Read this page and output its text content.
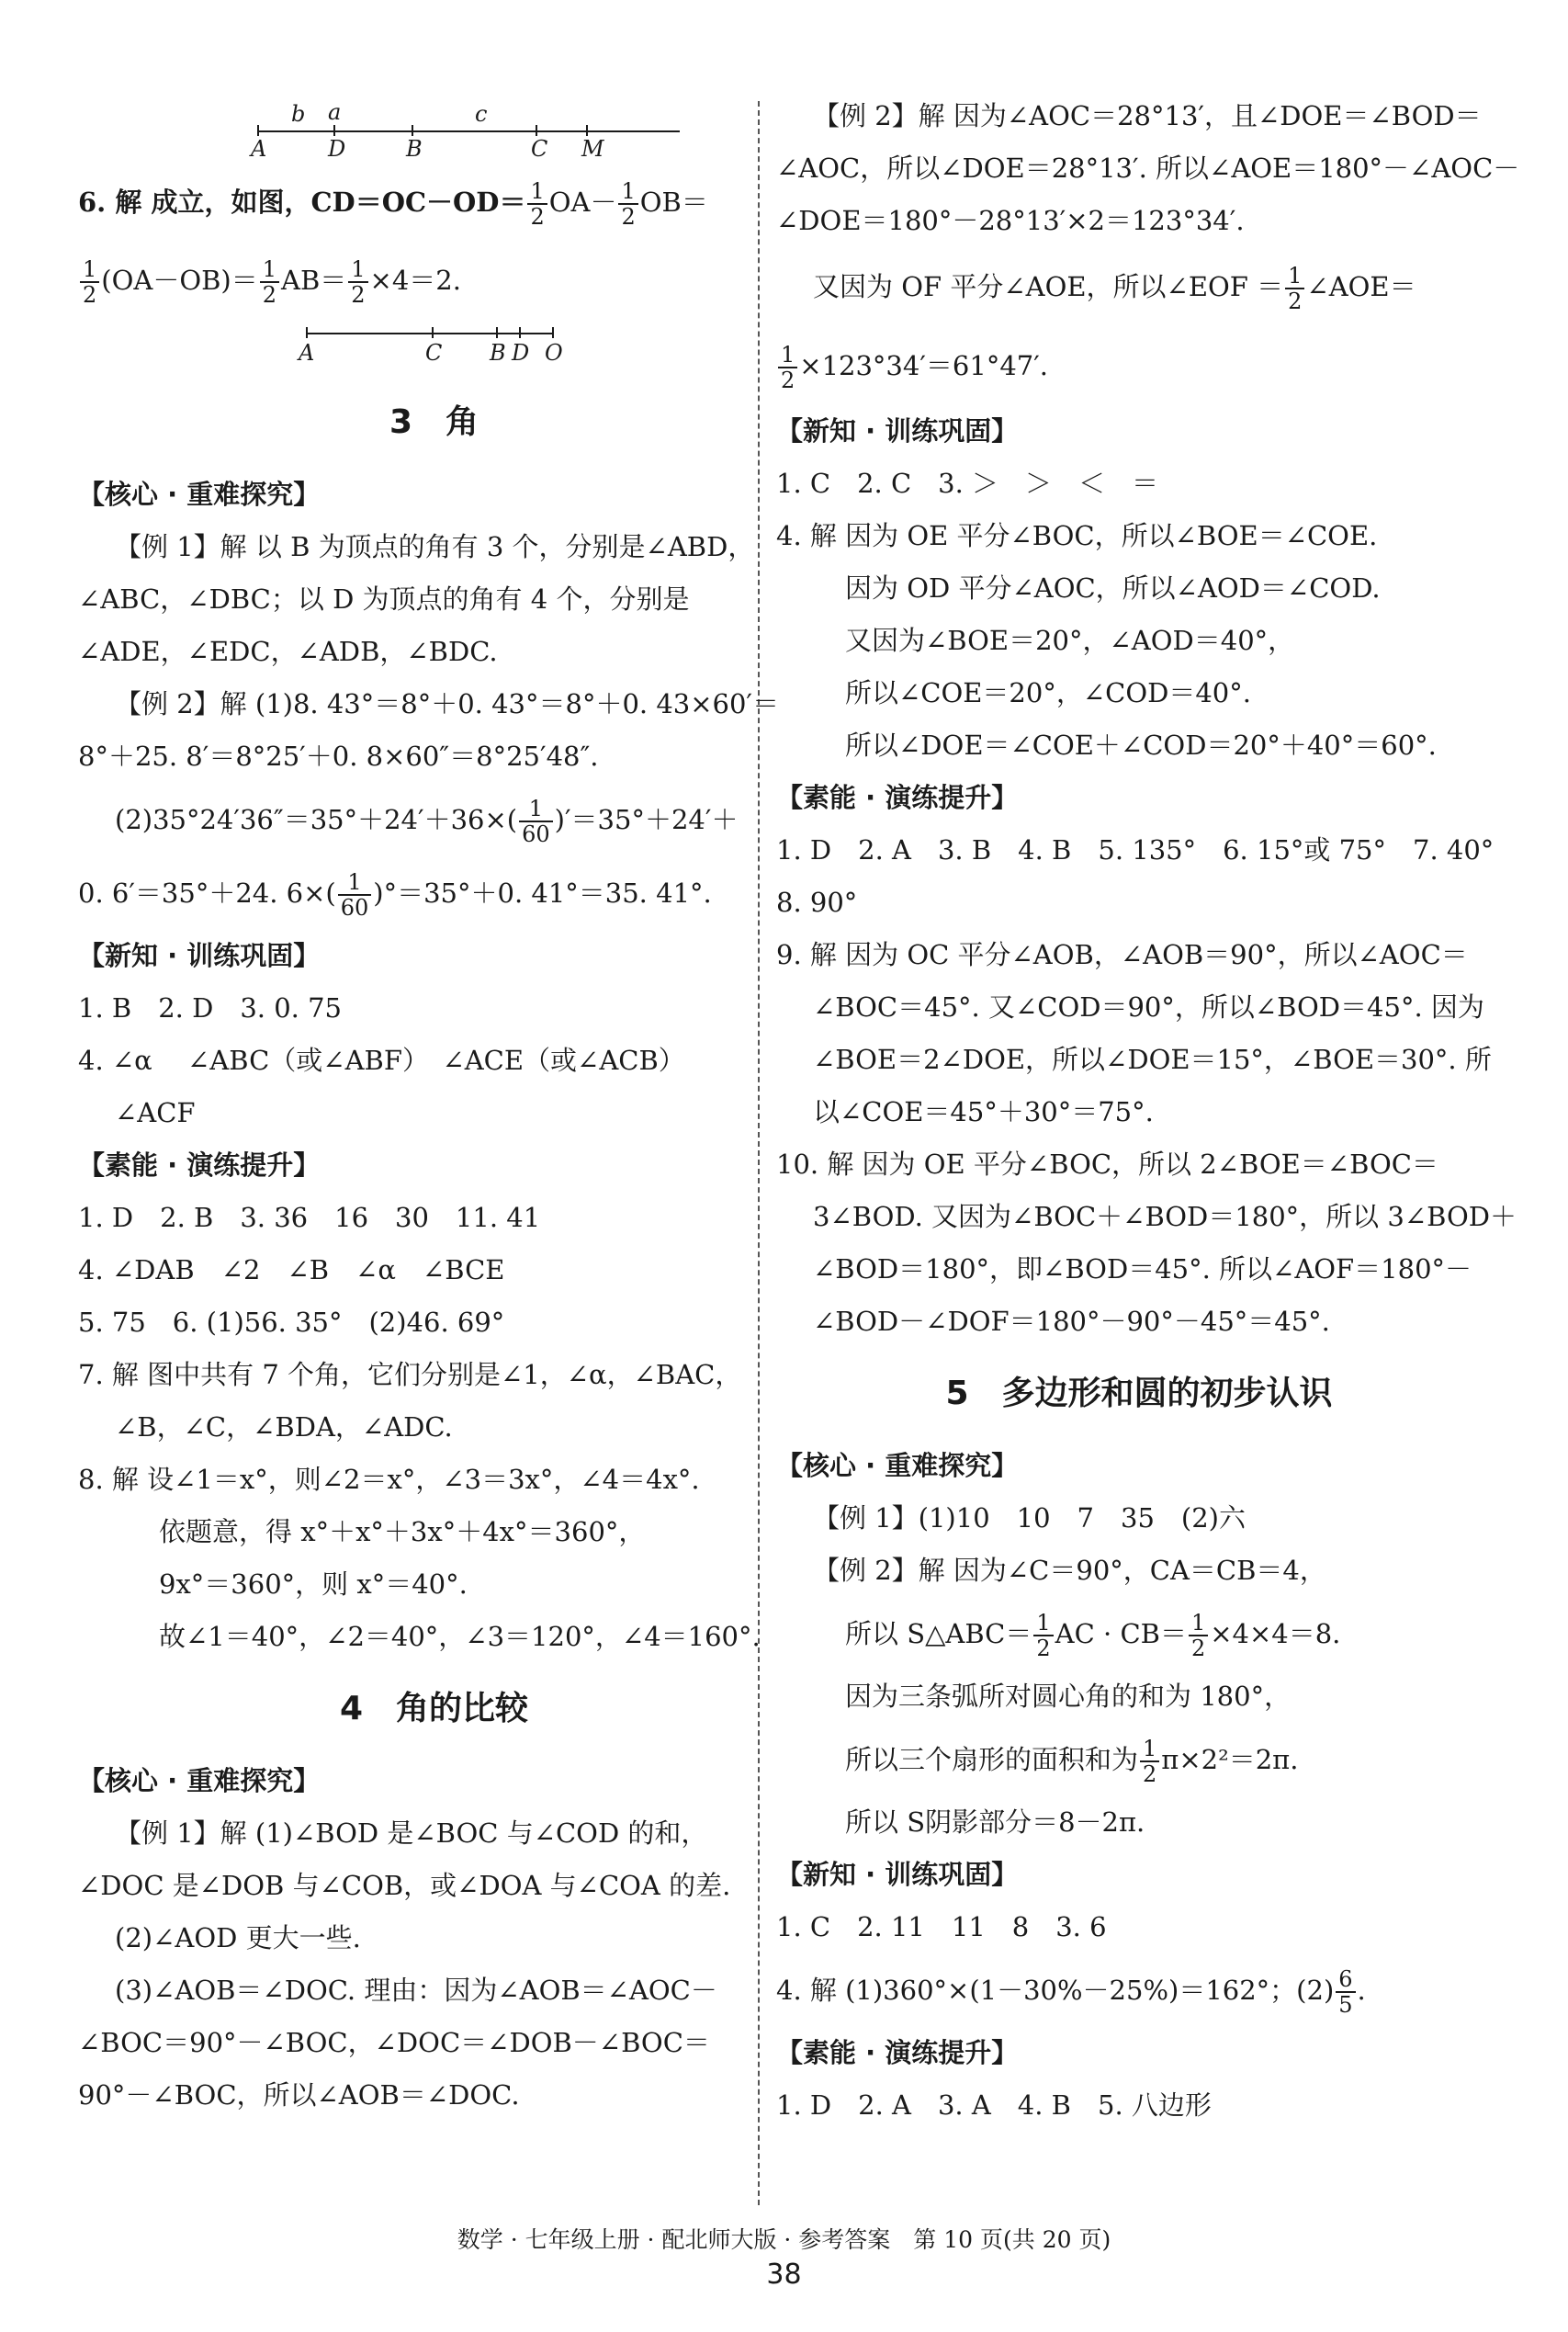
b a	c
A	D	B	C M
6. 解 成立，如图，$CD=OC-OD= \frac{1}{2} OA- \frac{1}{2} OB=$
$\frac{1}{2} (OA-OB)= \frac{1}{2} AB= \frac{1}{2} \times 4=2$.
A	C B D O
3　角
【核心 · 重难探究】
【例 1】解 以 B 为顶点的角有 3 个，分别是∠ABD，
∠ABC，∠DBC；以 D 为顶点的角有 4 个，分别是
∠ADE，∠EDC，∠ADB，∠BDC.
【例 2】解 (1)8. 43°＝8°＋0. 43°＝8°＋0. 43×60′＝
8°＋25. 8′＝8°25′＋0. 8×60″＝8°25′48″.
$(2)35^\circ 24'36''=35^\circ+24'+36\times( \frac{1}{60} )'=35^\circ+24'+$
0. 6′＝35°＋24. $6\times( \frac{1}{60} )^\circ=35^\circ+0$. 41°＝35. 41°.
【新知 · 训练巩固】
1. B　2. D　3. 0. 75
4. ∠α　 ∠ABC（或∠ABF）　∠ACE（或∠ACB）
∠ACF
【素能 · 演练提升】
1. D　2. B　3. 36　16　30　11. 41
4. ∠DAB　∠2　∠B　∠α　∠BCE
5. 75　6. (1)56. 35°　(2)46. 69°
7. 解 图中共有 7 个角，它们分别是∠1，∠α，∠BAC，
∠B，∠C，∠BDA，∠ADC.
8. 解 设∠1＝x°，则∠2＝x°，∠3＝3x°，∠4＝4x°.
依题意，得 x°＋x°＋3x°＋4x°＝360°，
9x°＝360°，则 x°＝40°.
故∠1＝40°，∠2＝40°，∠3＝120°，∠4＝160°.
4　角的比较
【核心 · 重难探究】
【例 1】解 (1)∠BOD 是∠BOC 与∠COD 的和，
∠DOC 是∠DOB 与∠COB，或∠DOA 与∠COA 的差.
(2)∠AOD 更大一些.
(3)∠AOB＝∠DOC. 理由：因为∠AOB＝∠AOC－
∠BOC＝90°－∠BOC，∠DOC＝∠DOB－∠BOC＝
90°－∠BOC，所以∠AOB＝∠DOC.
【例 2】解 因为∠AOC＝28°13′，且∠DOE＝∠BOD＝
∠AOC，所以∠DOE＝28°13′. 所以∠AOE＝180°－∠AOC－
∠DOE＝180°－28°13′×2＝123°34′.
又因为 OF 平分∠AOE，所以∠EOF ＝ $\frac{1}{2}$ ∠AOE＝
$\frac{1}{2} \times 123^\circ 34'=61^\circ 47'$.
【新知 · 训练巩固】
1. C　2. C　3. ＞　＞　＜　＝
4. 解 因为 OE 平分∠BOC，所以∠BOE＝∠COE.
因为 OD 平分∠AOC，所以∠AOD＝∠COD.
又因为∠BOE＝20°，∠AOD＝40°，
所以∠COE＝20°，∠COD＝40°.
所以∠DOE＝∠COE＋∠COD＝20°＋40°＝60°.
【素能 · 演练提升】
1. D　2. A　3. B　4. B　5. 135°　6. 15°或 75°　7. 40°
8. 90°
9. 解 因为 OC 平分∠AOB，∠AOB＝90°，所以∠AOC＝
∠BOC＝45°. 又∠COD＝90°，所以∠BOD＝45°. 因为
∠BOE＝2∠DOE，所以∠DOE＝15°，∠BOE＝30°. 所
以∠COE＝45°＋30°＝75°.
10. 解 因为 OE 平分∠BOC，所以 2∠BOE＝∠BOC＝
3∠BOD. 又因为∠BOC＋∠BOD＝180°，所以 3∠BOD＋
∠BOD＝180°，即∠BOD＝45°. 所以∠AOF＝180°－
∠BOD－∠DOF＝180°－90°－45°＝45°.
5　多边形和圆的初步认识
【核心 · 重难探究】
【例 1】(1)10　10　7　35　(2)六
【例 2】解 因为∠C＝90°，CA＝CB＝4，
所以 S△ABC＝ $\frac{1}{2}$ AC · $CB= \frac{1}{2} \times 4\times 4=8$.
因为三条弧所对圆心角的和为 180°，
所以三个扇形的面积和为 $\frac{1}{2} \pi\times 2^2=2\pi$.
所以 S阴影部分＝8－2π.
【新知 · 训练巩固】
1. C　2. 11　11　8　3. 6
4. 解 (1)360°×(1－30%－25%)＝162°；$(2) \frac{6}{5}$ .
【素能 · 演练提升】
1. D　2. A　3. A　4. B　5. 八边形
数学 · 七年级上册 · 配北师大版 · 参考答案　第 10 页(共 20 页)
38
